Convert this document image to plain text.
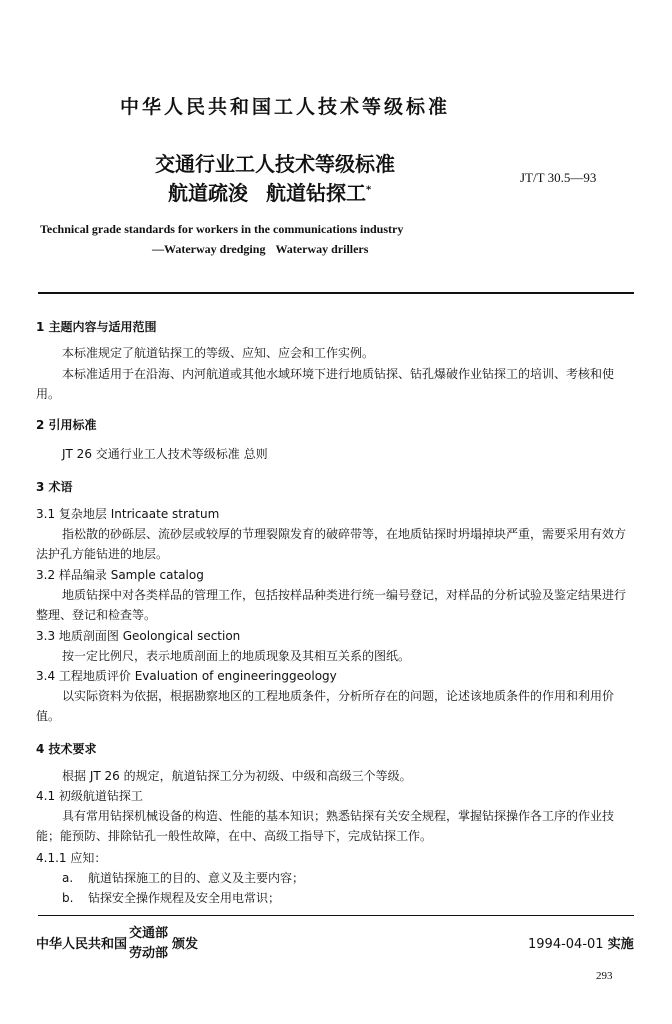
中华人民共和国工人技术等级标准
交通行业工人技术等级标准
航道疏浚 航道钻探工*
JT/T 30.5—93
Technical grade standards for workers in the communications industry
—Waterway dredging Waterway drillers
1 主题内容与适用范围
本标准规定了航道钻探工的等级、应知、应会和工作实例。
本标准适用于在沿海、内河航道或其他水域环境下进行地质钻探、钻孔爆破作业钻探工的培训、考核和使用。
2 引用标准
JT 26 交通行业工人技术等级标准 总则
3 术语
3.1 复杂地层 Intricaate stratum
指松散的砂砾层、流砂层或较厚的节理裂隙发育的破碎带等，在地质钻探时坍塌掉块严重，需要采用有效方法护孔方能钻进的地层。
3.2 样品编录 Sample catalog
地质钻探中对各类样品的管理工作，包括按样品种类进行统一编号登记，对样品的分析试验及鉴定结果进行整理、登记和检查等。
3.3 地质剖面图 Geolongical section
按一定比例尺，表示地质剖面上的地质现象及其相互关系的图纸。
3.4 工程地质评价 Evaluation of engineeringgeology
以实际资料为依据，根据勘察地区的工程地质条件，分析所存在的问题，论述该地质条件的作用和利用价值。
4 技术要求
根据 JT 26 的规定，航道钻探工分为初级、中级和高级三个等级。
4.1 初级航道钻探工
具有常用钻探机械设备的构造、性能的基本知识；熟悉钻探有关安全规程，掌握钻探操作各工序的作业技能；能预防、排除钻孔一般性故障，在中、高级工指导下，完成钻探工作。
4.1.1 应知：
a. 航道钻探施工的目的、意义及主要内容；
b. 钻探安全操作规程及安全用电常识；
中华人民共和国
交通部
劳动部
颁发	1994-04-01 实施
293
